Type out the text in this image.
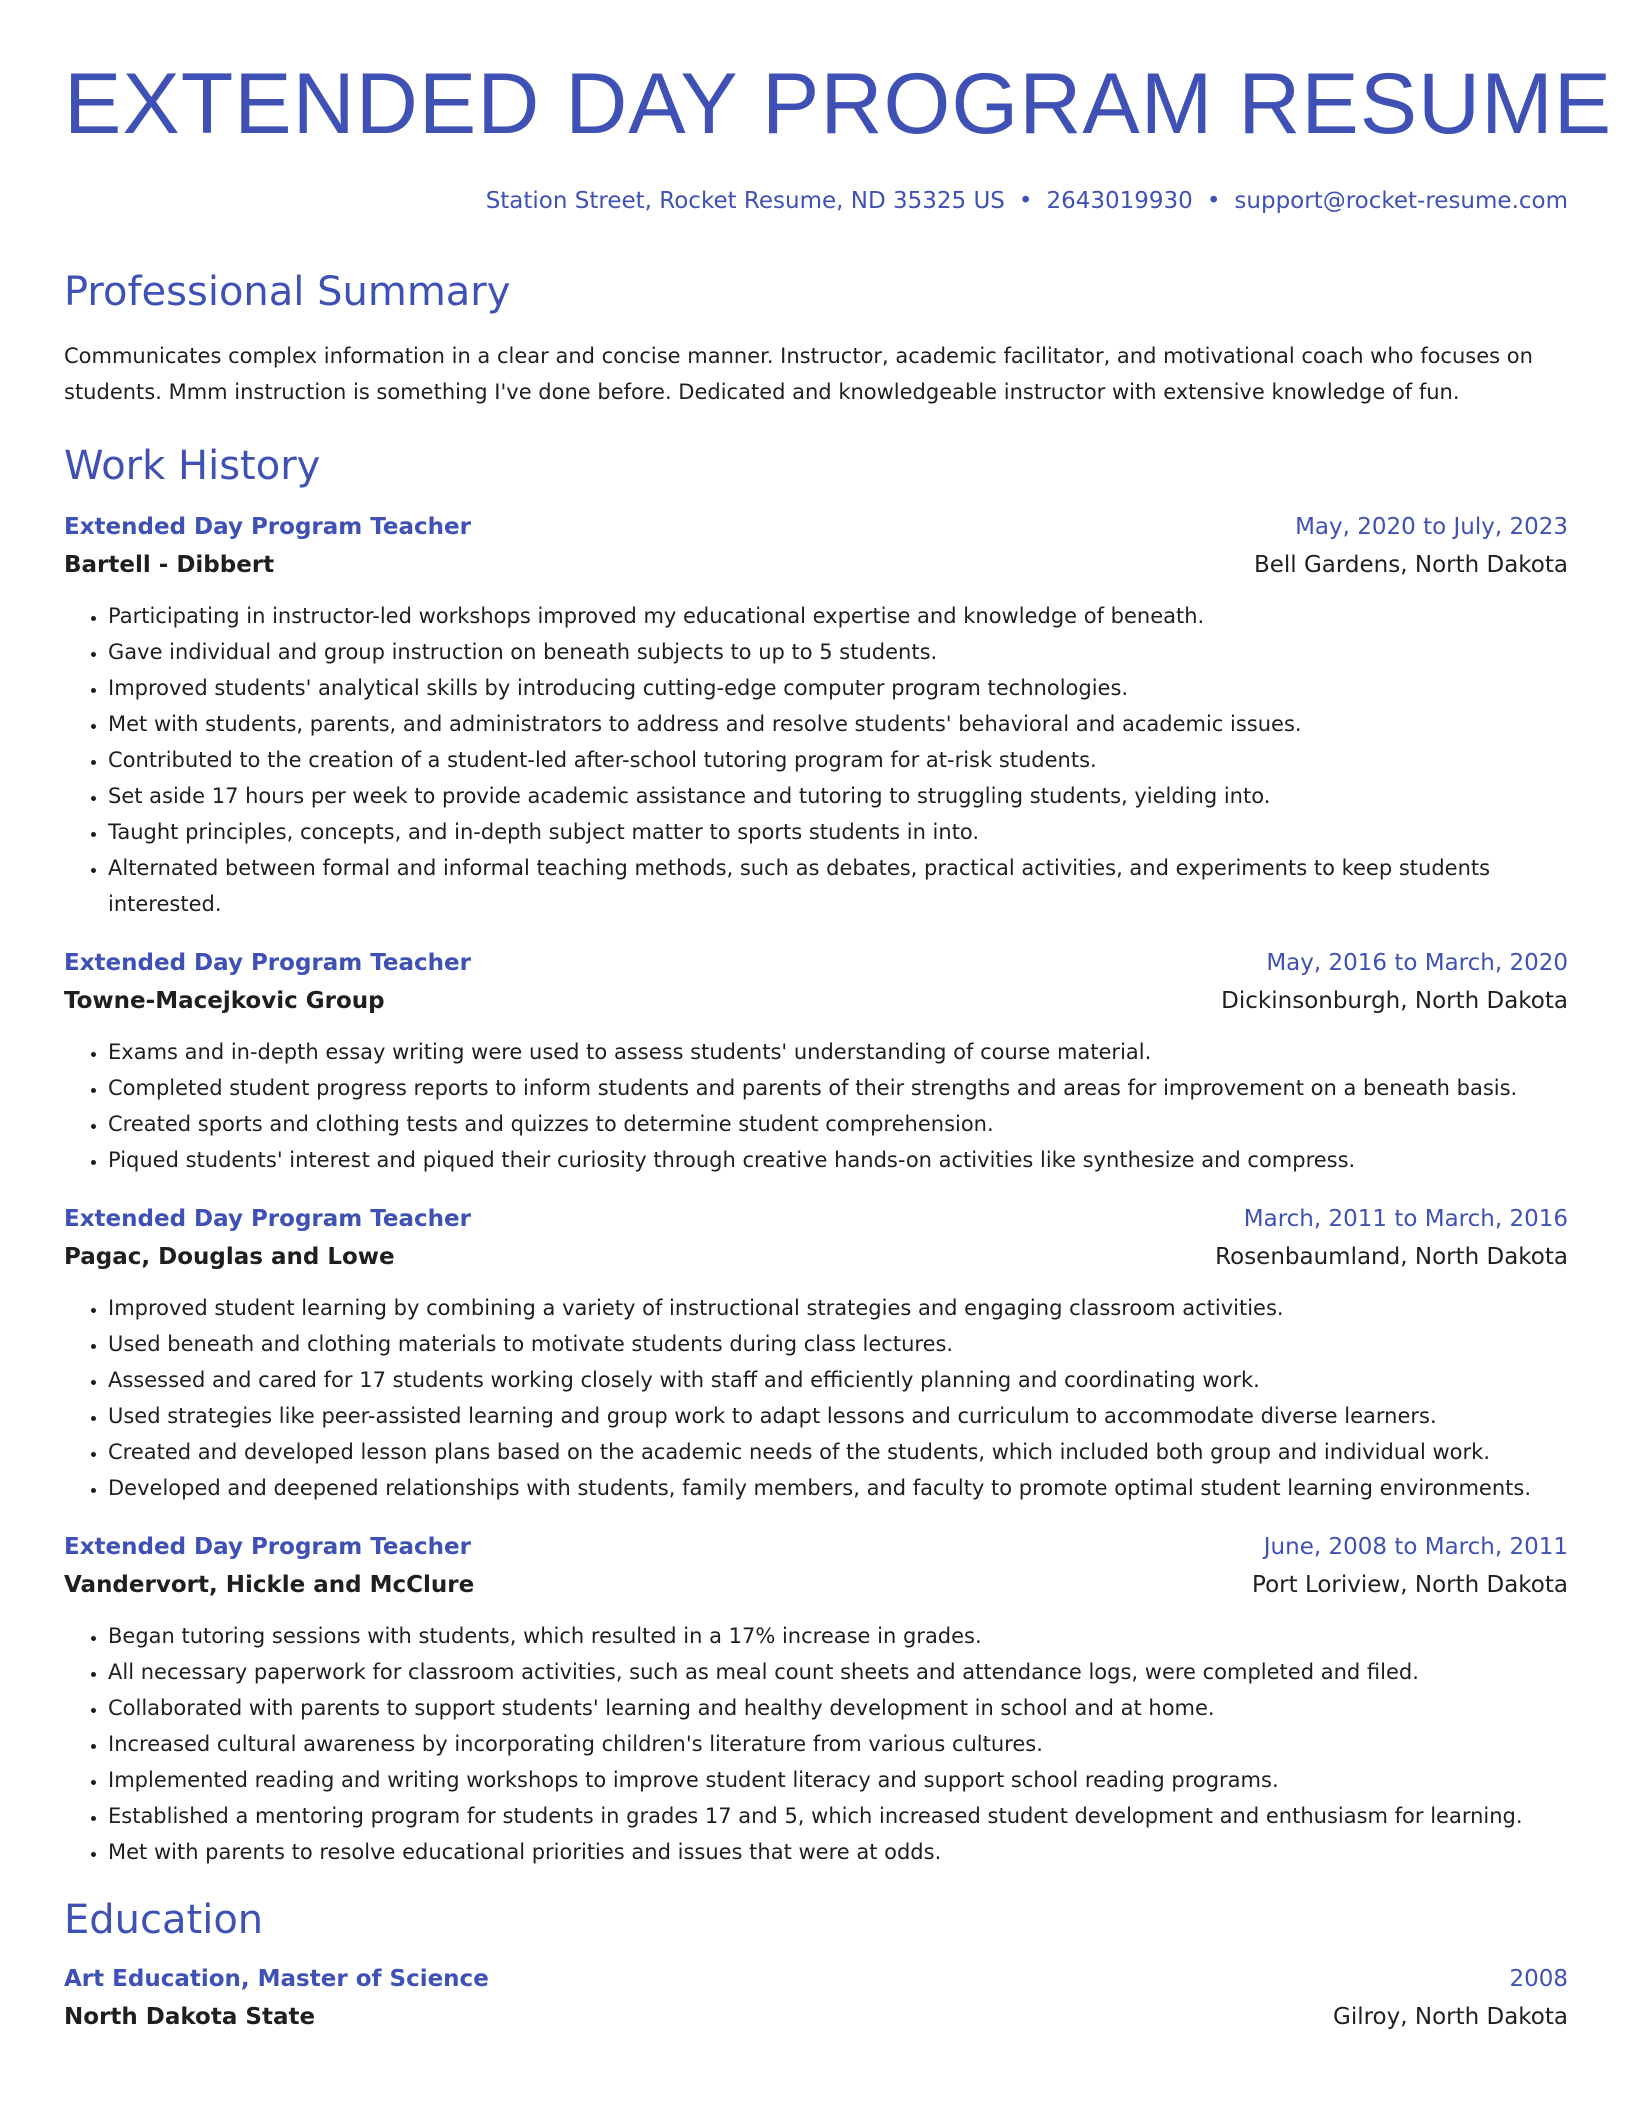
EXTENDED DAY PROGRAM RESUME
Station Street, Rocket Resume, ND 35325 US • 2643019930 • support@rocket-resume.com
Professional Summary

Communicates complex information in a clear and concise manner. Instructor, academic facilitator, and motivational coach who focuses on students. Mmm instruction is something I've done before. Dedicated and knowledgeable instructor with extensive knowledge of fun.

Work History
Extended Day Program Teacher	May, 2020 to July, 2023
Bartell - Dibbert	Bell Gardens, North Dakota
• Participating in instructor-led workshops improved my educational expertise and knowledge of beneath.
• Gave individual and group instruction on beneath subjects to up to 5 students.
• Improved students' analytical skills by introducing cutting-edge computer program technologies.
• Met with students, parents, and administrators to address and resolve students' behavioral and academic issues.
• Contributed to the creation of a student-led after-school tutoring program for at-risk students.
• Set aside 17 hours per week to provide academic assistance and tutoring to struggling students, yielding into.
• Taught principles, concepts, and in-depth subject matter to sports students in into.
• Alternated between formal and informal teaching methods, such as debates, practical activities, and experiments to keep students interested.
Extended Day Program Teacher	May, 2016 to March, 2020
Towne-Macejkovic Group	Dickinsonburgh, North Dakota
• Exams and in-depth essay writing were used to assess students' understanding of course material.
• Completed student progress reports to inform students and parents of their strengths and areas for improvement on a beneath basis.
• Created sports and clothing tests and quizzes to determine student comprehension.
• Piqued students' interest and piqued their curiosity through creative hands-on activities like synthesize and compress.
Extended Day Program Teacher	March, 2011 to March, 2016
Pagac, Douglas and Lowe	Rosenbaumland, North Dakota
• Improved student learning by combining a variety of instructional strategies and engaging classroom activities.
• Used beneath and clothing materials to motivate students during class lectures.
• Assessed and cared for 17 students working closely with staff and efficiently planning and coordinating work.
• Used strategies like peer-assisted learning and group work to adapt lessons and curriculum to accommodate diverse learners.
• Created and developed lesson plans based on the academic needs of the students, which included both group and individual work.
• Developed and deepened relationships with students, family members, and faculty to promote optimal student learning environments.
Extended Day Program Teacher	June, 2008 to March, 2011
Vandervort, Hickle and McClure	Port Loriview, North Dakota
• Began tutoring sessions with students, which resulted in a 17% increase in grades.
• All necessary paperwork for classroom activities, such as meal count sheets and attendance logs, were completed and filed.
• Collaborated with parents to support students' learning and healthy development in school and at home.
• Increased cultural awareness by incorporating children's literature from various cultures.
• Implemented reading and writing workshops to improve student literacy and support school reading programs.
• Established a mentoring program for students in grades 17 and 5, which increased student development and enthusiasm for learning.
• Met with parents to resolve educational priorities and issues that were at odds.
Education
Art Education, Master of Science	2008
North Dakota State	Gilroy, North Dakota
